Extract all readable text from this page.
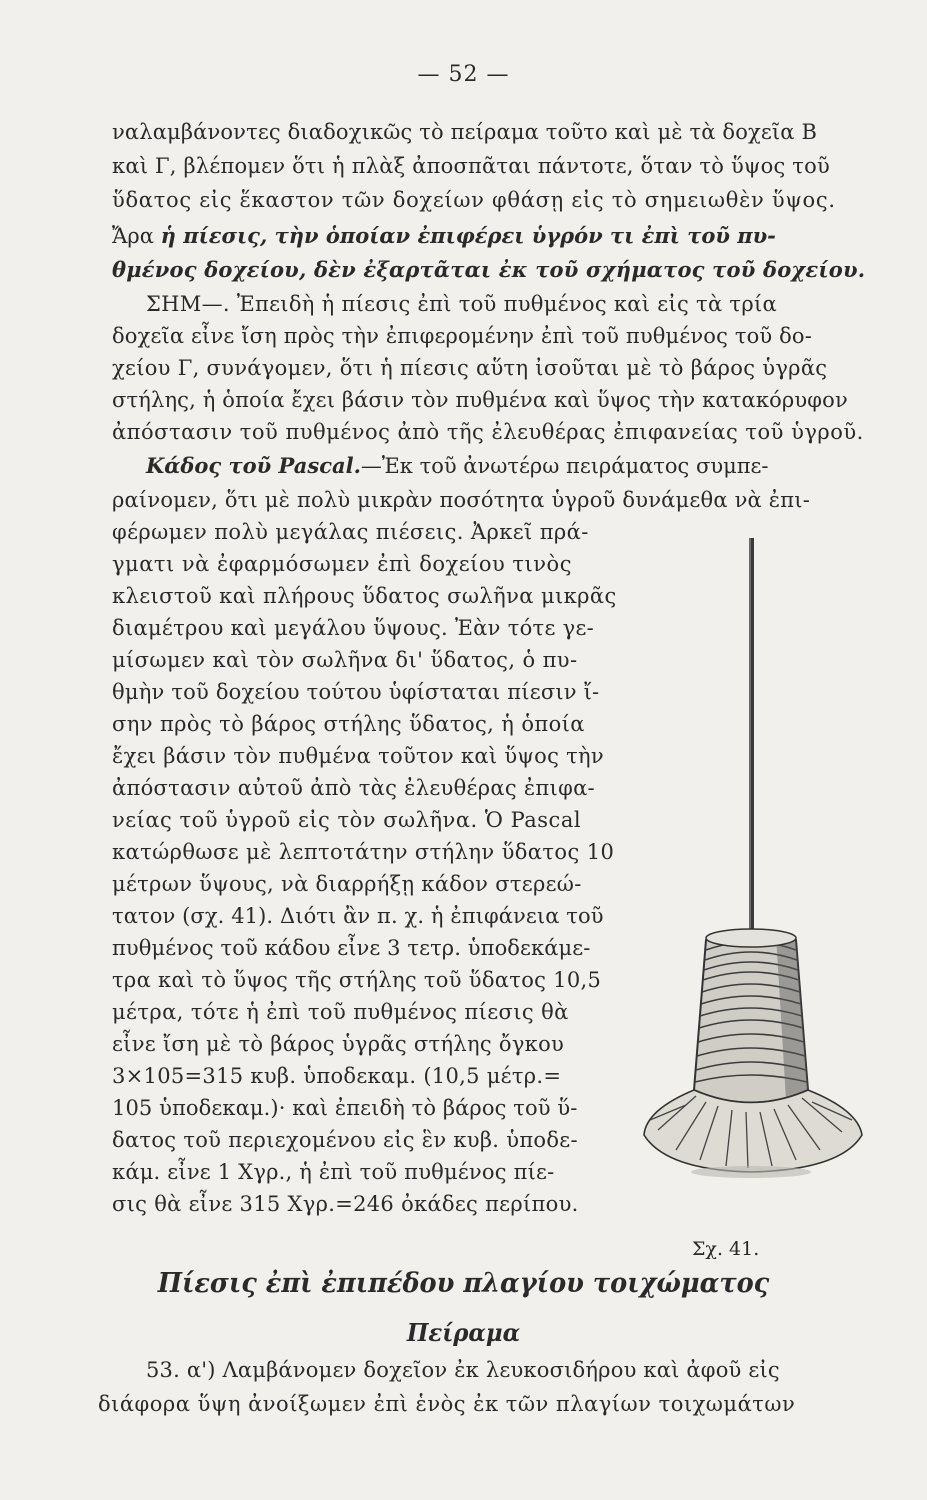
— 52 —
ναλαμβάνοντες διαδοχικῶς τὸ πείραμα τοῦτο καὶ μὲ τὰ δοχεῖα Β
καὶ Γ, βλέπομεν ὅτι ἡ πλὰξ ἀποσπᾶται πάντοτε, ὅταν τὸ ὕψος τοῦ
ὕδατος εἰς ἕκαστον τῶν δοχείων φθάσῃ εἰς τὸ σημειωθὲν ὕψος.
Ἄρα ἡ πίεσις, τὴν ὁποίαν ἐπιφέρει ὑγρόν τι ἐπὶ τοῦ πυ-
θμένος δοχείου, δὲν ἐξαρτᾶται ἐκ τοῦ σχήματος τοῦ δοχείου.
ΣΗΜ—. Ἐπειδὴ ἡ πίεσις ἐπὶ τοῦ πυθμένος καὶ εἰς τὰ τρία
δοχεῖα εἶνε ἴση πρὸς τὴν ἐπιφερομένην ἐπὶ τοῦ πυθμένος τοῦ δο-
χείου Γ, συνάγομεν, ὅτι ἡ πίεσις αὕτη ἰσοῦται μὲ τὸ βάρος ὑγρᾶς
στήλης, ἡ ὁποία ἔχει βάσιν τὸν πυθμένα καὶ ὕψος τὴν κατακόρυφον
ἀπόστασιν τοῦ πυθμένος ἀπὸ τῆς ἐλευθέρας ἐπιφανείας τοῦ ὑγροῦ.
Κάδος τοῦ Pascal.—Ἐκ τοῦ ἀνωτέρω πειράματος συμπε-
ραίνομεν, ὅτι μὲ πολὺ μικρὰν ποσότητα ὑγροῦ δυνάμεθα νὰ ἐπι-
φέρωμεν πολὺ μεγάλας πιέσεις. Ἀρκεῖ πρά-
γματι νὰ ἐφαρμόσωμεν ἐπὶ δοχείου τινὸς
κλειστοῦ καὶ πλήρους ὕδατος σωλῆνα μικρᾶς
διαμέτρου καὶ μεγάλου ὕψους. Ἐὰν τότε γε-
μίσωμεν καὶ τὸν σωλῆνα δι' ὕδατος, ὁ πυ-
θμὴν τοῦ δοχείου τούτου ὑφίσταται πίεσιν ἴ-
σην πρὸς τὸ βάρος στήλης ὕδατος, ἡ ὁποία
ἔχει βάσιν τὸν πυθμένα τοῦτον καὶ ὕψος τὴν
ἀπόστασιν αὐτοῦ ἀπὸ τὰς ἐλευθέρας ἐπιφα-
νείας τοῦ ὑγροῦ εἰς τὸν σωλῆνα. Ὁ Pascal
κατώρθωσε μὲ λεπτοτάτην στήλην ὕδατος 10
μέτρων ὕψους, νὰ διαρρήξῃ κάδον στερεώ-
τατον (σχ. 41). Διότι ἂν π. χ. ἡ ἐπιφάνεια τοῦ
πυθμένος τοῦ κάδου εἶνε 3 τετρ. ὑποδεκάμε-
τρα καὶ τὸ ὕψος τῆς στήλης τοῦ ὕδατος 10,5
μέτρα, τότε ἡ ἐπὶ τοῦ πυθμένος πίεσις θὰ
εἶνε ἴση μὲ τὸ βάρος ὑγρᾶς στήλης ὄγκου
3×105=315 κυβ. ὑποδεκαμ. (10,5 μέτρ.=
105 ὑποδεκαμ.)· καὶ ἐπειδὴ τὸ βάρος τοῦ ὕ-
δατος τοῦ περιεχομένου εἰς ἓν κυβ. ὑποδε-
κάμ. εἶνε 1 Χγρ., ἡ ἐπὶ τοῦ πυθμένος πίε-
σις θὰ εἶνε 315 Χγρ.=246 ὀκάδες περίπου.
Σχ. 41.
Πίεσις ἐπὶ ἐπιπέδου πλαγίου τοιχώματος
Πείραμα
53. α') Λαμβάνομεν δοχεῖον ἐκ λευκοσιδήρου καὶ ἀφοῦ εἰς
διάφορα ὕψη ἀνοίξωμεν ἐπὶ ἑνὸς ἐκ τῶν πλαγίων τοιχωμάτων
